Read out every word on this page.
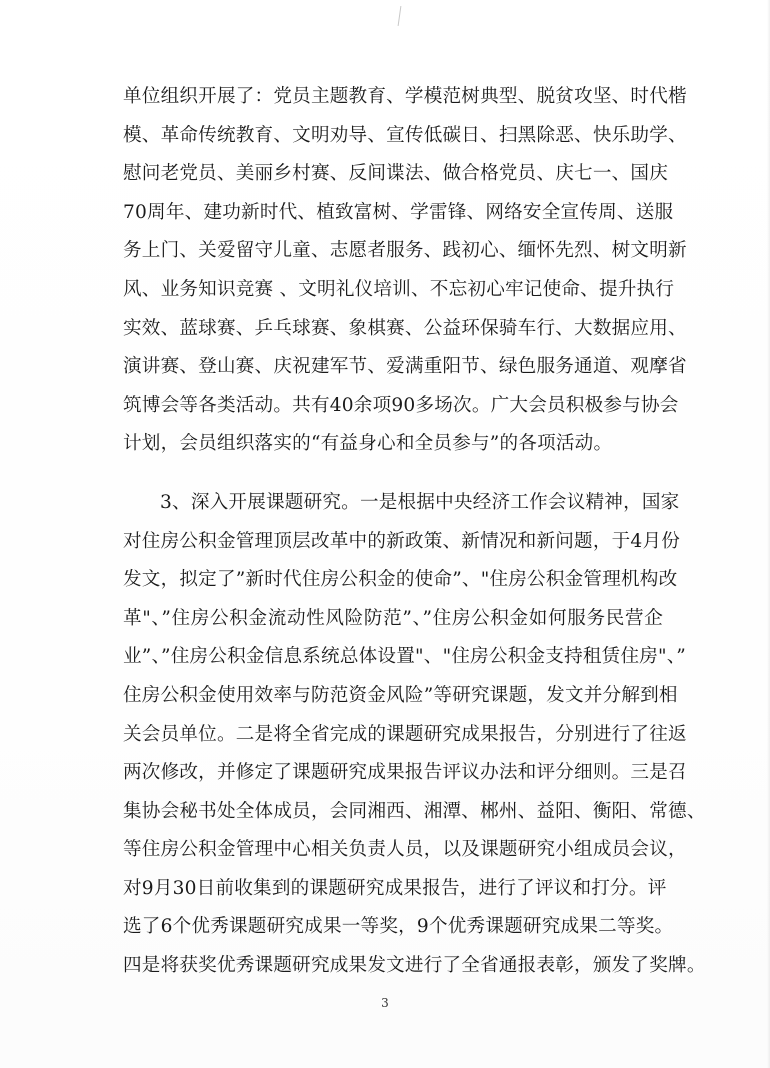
单位组织开展了：党员主题教育、学模范树典型、脱贫攻坚、时代楷
模、革命传统教育、文明劝导、宣传低碳日、扫黑除恶、快乐助学、
慰问老党员、美丽乡村赛、反间谍法、做合格党员、庆七一、国庆
70周年、建功新时代、植致富树、学雷锋、网络安全宣传周、送服
务上门、关爱留守儿童、志愿者服务、践初心、缅怀先烈、树文明新
风、业务知识竞赛 、文明礼仪培训、不忘初心牢记使命、提升执行
实效、蓝球赛、乒乓球赛、象棋赛、公益环保骑车行、大数据应用、
演讲赛、登山赛、庆祝建军节、爱满重阳节、绿色服务通道、观摩省
筑博会等各类活动。共有40余项90多场次。广大会员积极参与协会
计划，会员组织落实的“有益身心和全员参与”的各项活动。
3、深入开展课题研究。一是根据中央经济工作会议精神，国家
对住房公积金管理顶层改革中的新政策、新情况和新问题，于4月份
发文，拟定了”新时代住房公积金的使命”、"住房公积金管理机构改
革"、”住房公积金流动性风险防范”、”住房公积金如何服务民营企
业”、”住房公积金信息系统总体设置"、"住房公积金支持租赁住房"、”
住房公积金使用效率与防范资金风险”等研究课题，发文并分解到相
关会员单位。二是将全省完成的课题研究成果报告，分别进行了往返
两次修改，并修定了课题研究成果报告评议办法和评分细则。三是召
集协会秘书处全体成员，会同湘西、湘潭、郴州、益阳、衡阳、常德、
等住房公积金管理中心相关负责人员，以及课题研究小组成员会议，
对9月30日前收集到的课题研究成果报告，进行了评议和打分。评
选了6个优秀课题研究成果一等奖，9个优秀课题研究成果二等奖。
四是将获奖优秀课题研究成果发文进行了全省通报表彰，颁发了奖牌。
3
